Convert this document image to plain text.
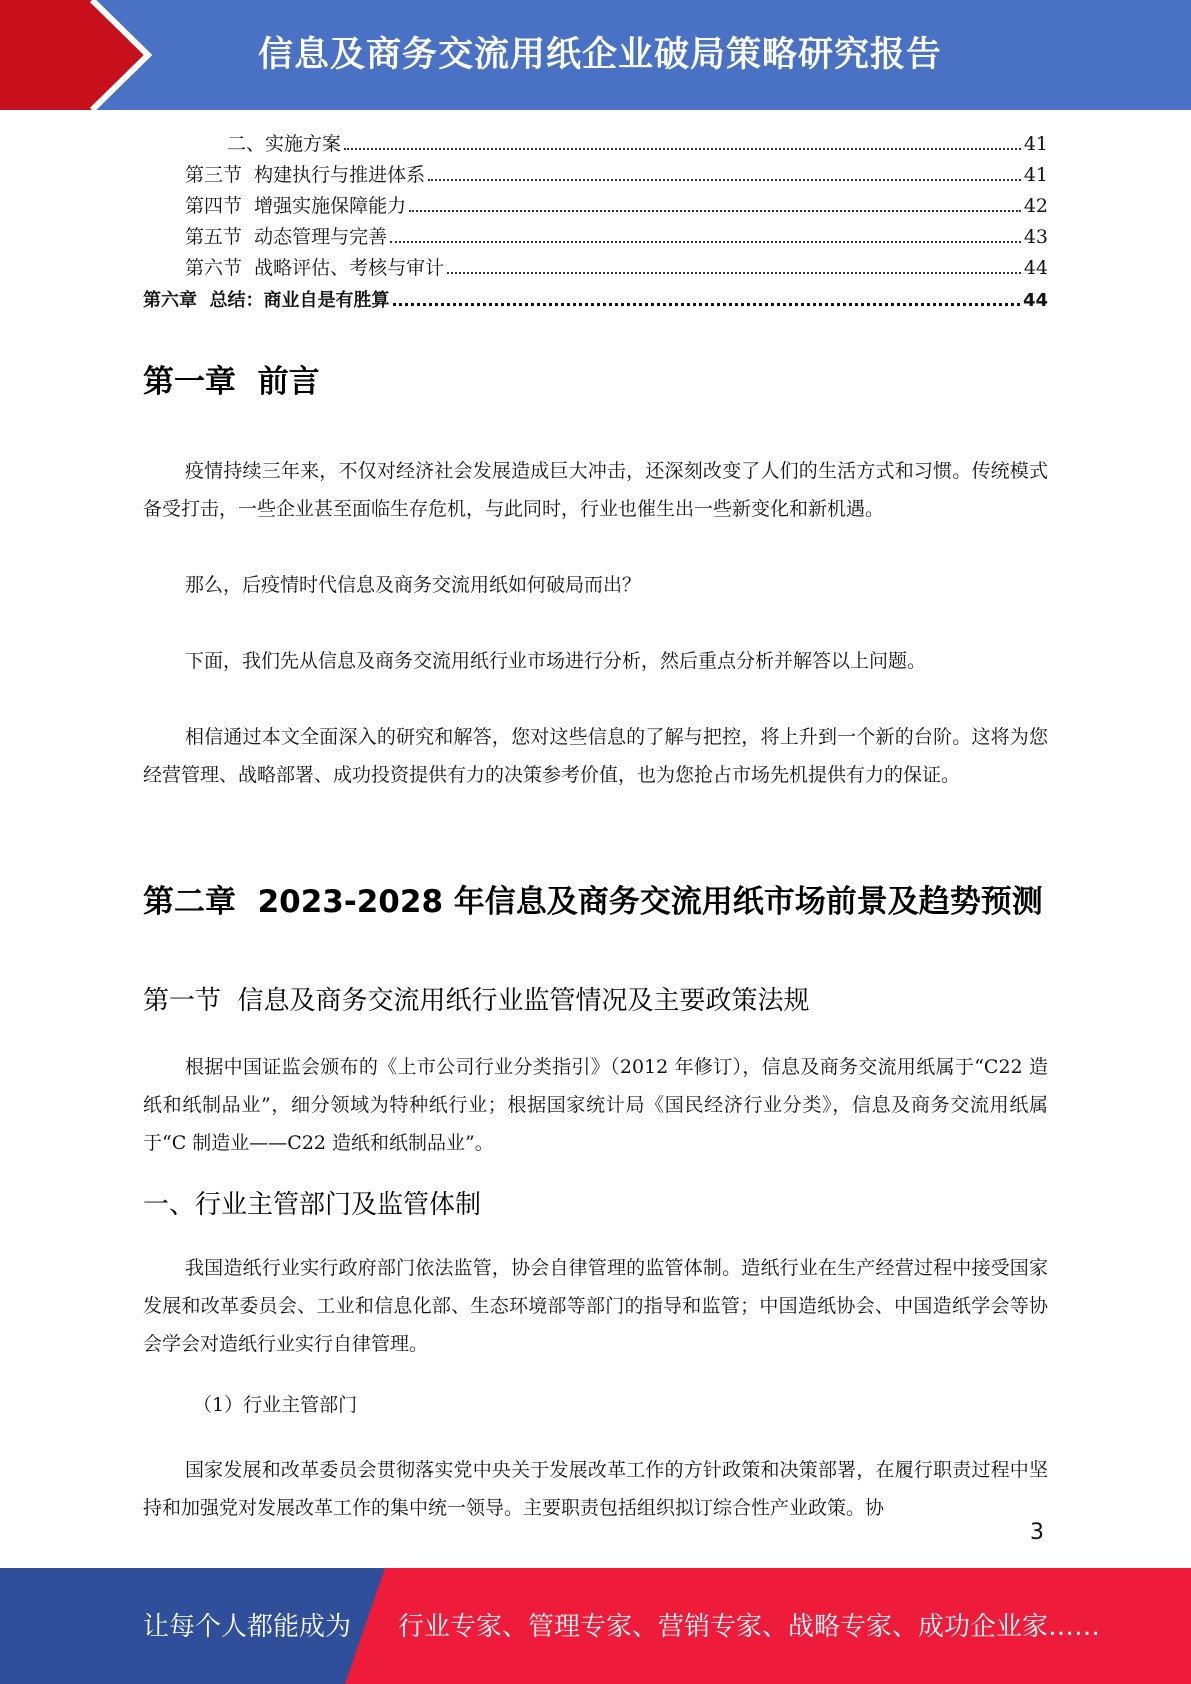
信息及商务交流用纸企业破局策略研究报告
二、实施方案	41
第三节  构建执行与推进体系	41
第四节  增强实施保障能力	42
第五节  动态管理与完善	43
第六节  战略评估、考核与审计	44
第六章  总结：商业自是有胜算	44
第一章  前言
疫情持续三年来，不仅对经济社会发展造成巨大冲击，还深刻改变了人们的生活方式和习惯。传统模式备受打击，一些企业甚至面临生存危机，与此同时，行业也催生出一些新变化和新机遇。
那么，后疫情时代信息及商务交流用纸如何破局而出？
下面，我们先从信息及商务交流用纸行业市场进行分析，然后重点分析并解答以上问题。
相信通过本文全面深入的研究和解答，您对这些信息的了解与把控，将上升到一个新的台阶。这将为您经营管理、战略部署、成功投资提供有力的决策参考价值，也为您抢占市场先机提供有力的保证。
第二章  2023-2028 年信息及商务交流用纸市场前景及趋势预测
第一节  信息及商务交流用纸行业监管情况及主要政策法规
根据中国证监会颁布的《上市公司行业分类指引》（2012 年修订），信息及商务交流用纸属于“C22 造纸和纸制品业”，细分领域为特种纸行业；根据国家统计局《国民经济行业分类》，信息及商务交流用纸属于“C 制造业——C22 造纸和纸制品业”。
一、行业主管部门及监管体制
我国造纸行业实行政府部门依法监管，协会自律管理的监管体制。造纸行业在生产经营过程中接受国家发展和改革委员会、工业和信息化部、生态环境部等部门的指导和监管；中国造纸协会、中国造纸学会等协会学会对造纸行业实行自律管理。
（1）行业主管部门
国家发展和改革委员会贯彻落实党中央关于发展改革工作的方针政策和决策部署，在履行职责过程中坚持和加强党对发展改革工作的集中统一领导。主要职责包括组织拟订综合性产业政策。协
3
让每个人都能成为 行业专家、管理专家、营销专家、战略专家、成功企业家……
